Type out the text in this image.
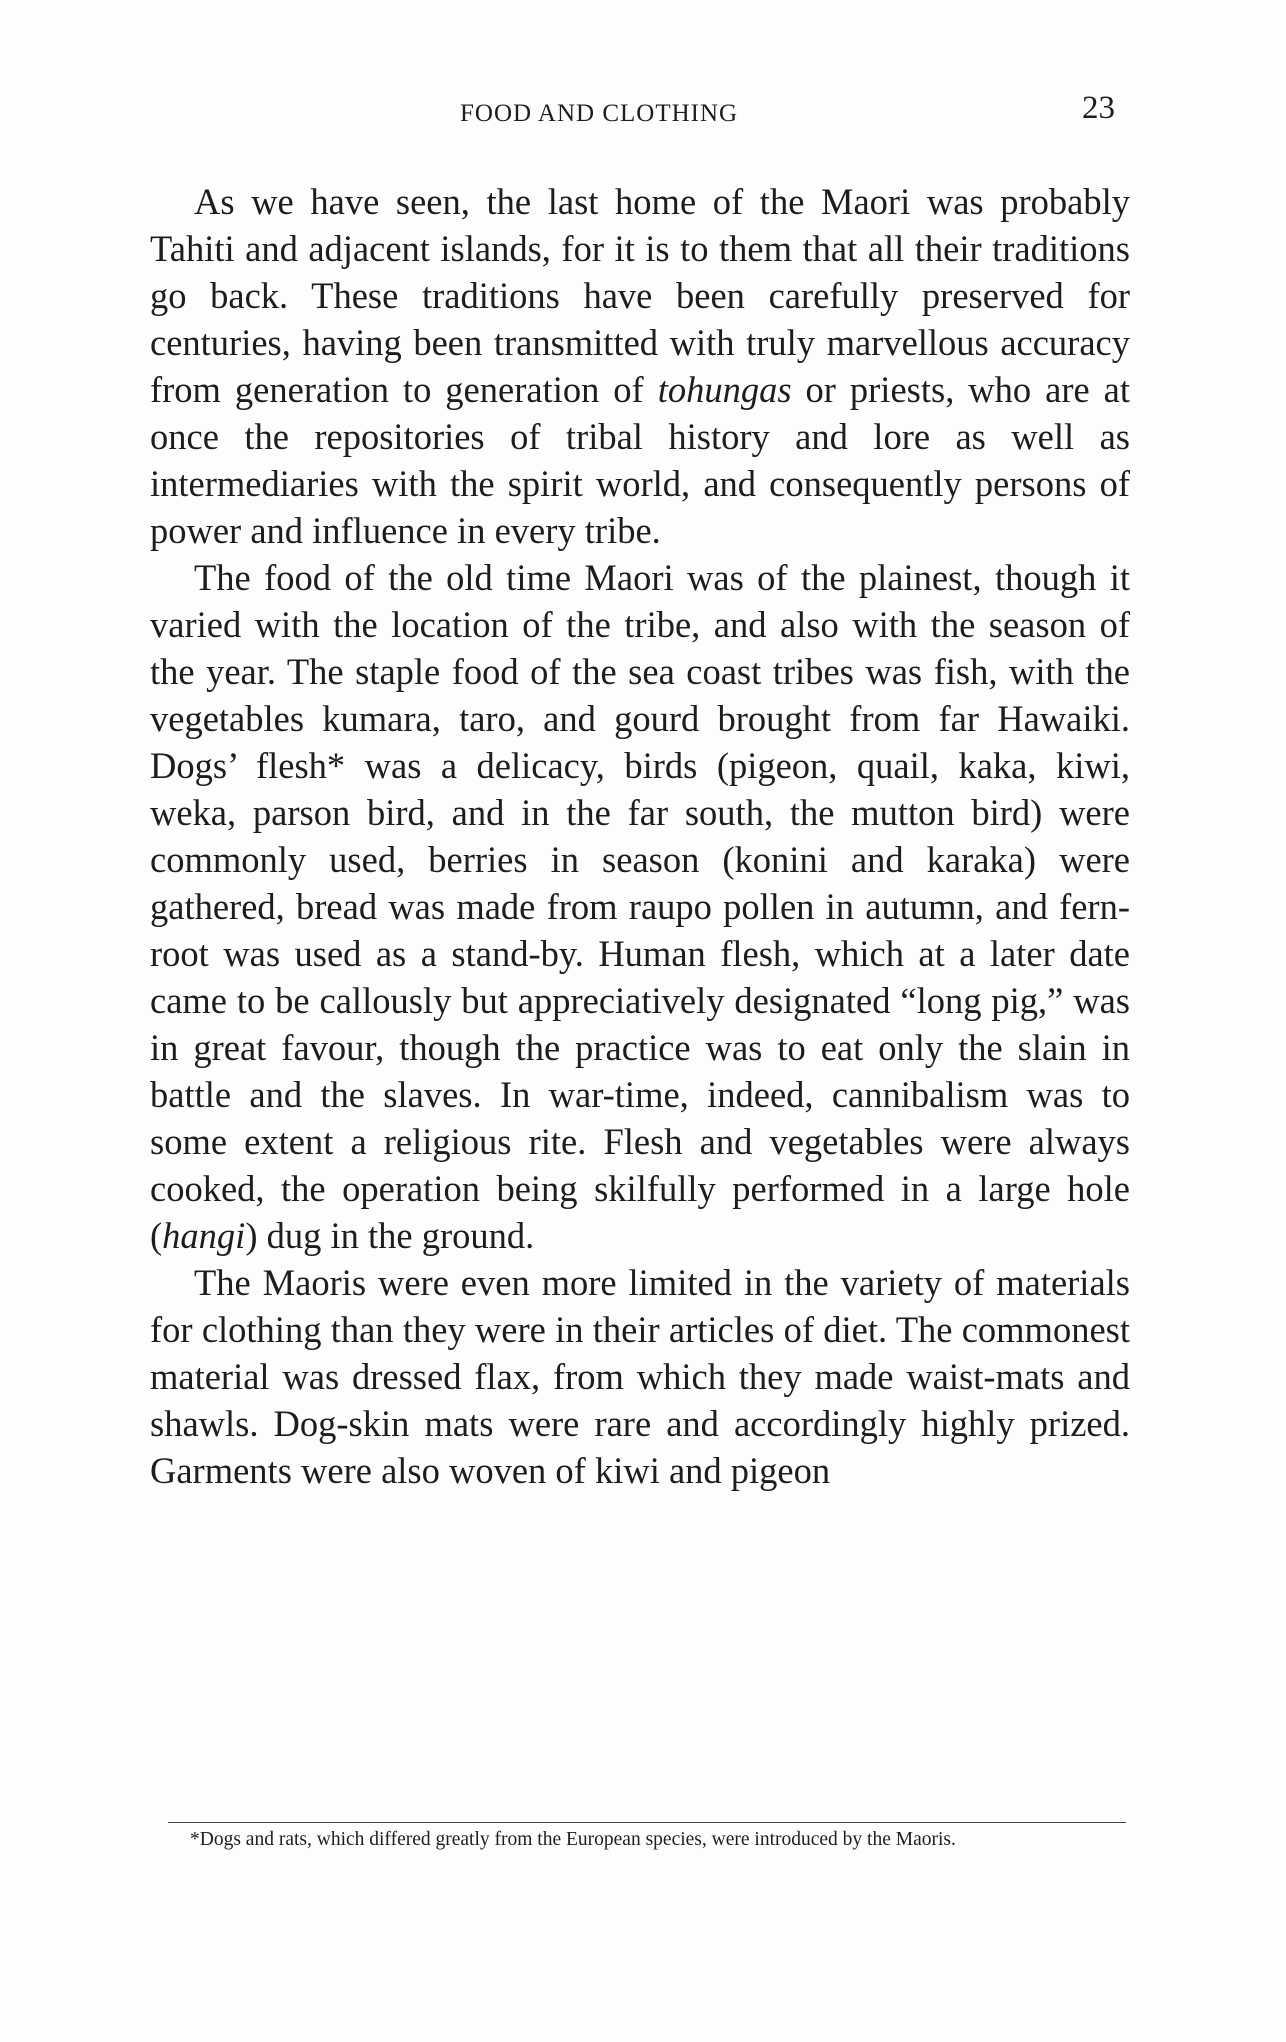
FOOD AND CLOTHING	23

As we have seen, the last home of the Maori was probably Tahiti and adjacent islands, for it is to them that all their traditions go back. These traditions have been carefully preserved for centuries, having been transmitted with truly marvellous accuracy from generation to generation of tohungas or priests, who are at once the repositories of tribal history and lore as well as intermediaries with the spirit world, and consequently persons of power and influence in every tribe.

The food of the old time Maori was of the plainest, though it varied with the location of the tribe, and also with the season of the year. The staple food of the sea coast tribes was fish, with the vegetables kumara, taro, and gourd brought from far Hawaiki. Dogs’ flesh* was a delicacy, birds (pigeon, quail, kaka, kiwi, weka, parson bird, and in the far south, the mutton bird) were commonly used, berries in season (konini and karaka) were gathered, bread was made from raupo pollen in autumn, and fern-root was used as a stand-by. Human flesh, which at a later date came to be callously but appreciatively designated “long pig,” was in great favour, though the practice was to eat only the slain in battle and the slaves. In war-time, indeed, cannibalism was to some extent a religious rite. Flesh and vegetables were always cooked, the operation being skilfully performed in a large hole (hangi) dug in the ground.

The Maoris were even more limited in the variety of materials for clothing than they were in their articles of diet. The commonest material was dressed flax, from which they made waist-mats and shawls. Dog-skin mats were rare and accordingly highly prized. Garments were also woven of kiwi and pigeon

*Dogs and rats, which differed greatly from the European species, were introduced by the Maoris.
